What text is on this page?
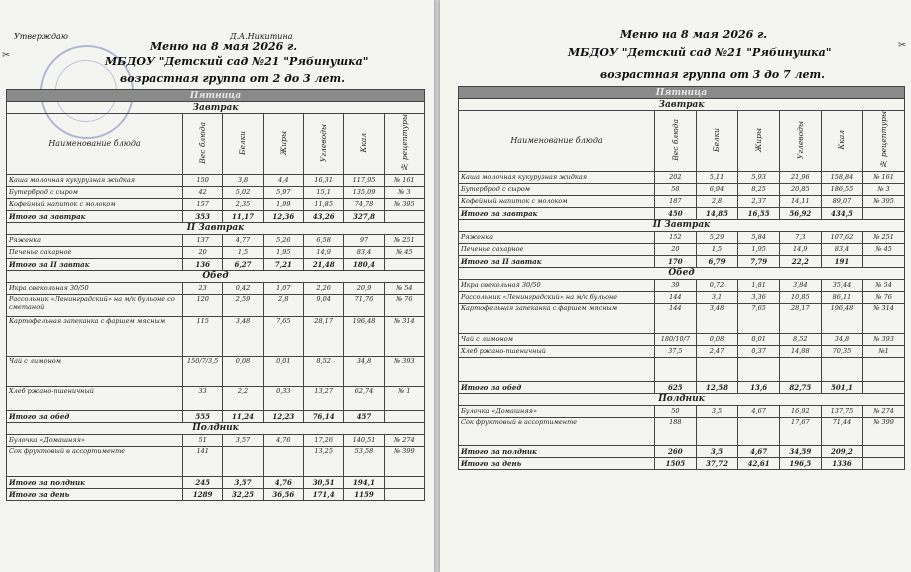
✂
Утверждаю	Д.А.Никитина
Меню на 8 мая 2026 г.
МБДОУ "Детский сад №21 "Рябинушка"
возрастная группа от 2 до 3 лет.
Пятница						
Завтрак						
Наименование блюда	Вес блюда	Белки	Жиры	Углеводы	Ккал	№ рецептуры
Каша молочная кукурузная жидкая	150	3,8	4,4	16,31	117,95	№ 161
Бутерброд с сыром	42	5,02	5,97	15,1	135,09	№ 3
Кофейный напиток с молоком	157	2,35	1,99	11,85	74,78	№ 395
Итого за завтрак	353	11,17	12,36	43,26	327,8	
II Завтрак						
Ряженка	137	4,77	5,26	6,58	97	№ 251
Печенье сахарное	20	1,5	1,95	14,9	83,4	№ 45
Итого за II завтак	136	6,27	7,21	21,48	180,4	
Обед						
Икра свекольная 30/50	23	0,42	1,07	2,26	20,9	№ 54
Рассольник «Ленинградский» на м/к бульоне со сметаной	120	2,59	2,8	9,04	71,76	№ 76
Картофельная запеканка с фаршем мясным	115	3,48	7,65	28,17	196,48	№ 314
Чай с лимоном	150/7/3,5	0,08	0,01	8,52	34,8	№ 393
Хлеб ржано-пшеничный	33	2,2	0,33	13,27	62,74	№ 1
Итого за обед	555	11,24	12,23	76,14	457	
Полдник						
Булочка «Домашняя»	51	3,57	4,76	17,26	140,51	№ 274
Сок фруктовый в ассортименте	141			13,25	53,58	№ 399
Итого за полдник	245	3,57	4,76	30,51	194,1	
Итого за день	1289	32,25	36,56	171,4	1159	
✂
Меню на 8 мая 2026 г.
МБДОУ "Детский сад №21 "Рябинушка"
возрастная группа от 3 до 7 лет.
Пятница						
Завтрак						
Наименование блюда	Вес блюда	Белки	Жиры	Углеводы	Ккал	№ рецептуры
Каша молочная кукурузная жидкая	202	5,11	5,93	21,96	158,84	№ 161
Бутерброд с сыром	58	6,94	8,25	20,85	186,55	№ 3
Кофейный напиток с молоком	187	2,8	2,37	14,11	89,07	№ 395
Итого за завтрак	450	14,85	16,55	56,92	434,5	
II Завтрак						
Ряженка	152	5,29	5,84	7,3	107,62	№ 251
Печенье сахарное	20	1,5	1,95	14,9	83,4	№ 45
Итого за II завтак	170	6,79	7,79	22,2	191	
Обед						
Икра свекольная 30/50	39	0,72	1,81	3,84	35,44	№ 54
Рассольник «Ленинградский» на м/к бульоне	144	3,1	3,36	10,85	86,11	№ 76
Картофельная запеканка с фаршем мясным	144	3,48	7,65	28,17	196,48	№ 314
Чай с лимоном	180/10/7	0,08	0,01	8,52	34,8	№ 393
Хлеб ржано-пшеничный	37,5	2,47	0,37	14,88	70,35	№1

Итого за обед	625	12,58	13,6	82,75	501,1	
Полдник						
Булочка «Домашняя»	50	3,5	4,67	16,92	137,75	№ 274
Сок фруктовый в ассортименте	188			17,67	71,44	№ 399
Итого за полдник	260	3,5	4,67	34,59	209,2	
Итого за день	1505	37,72	42,61	196,5	1336	
